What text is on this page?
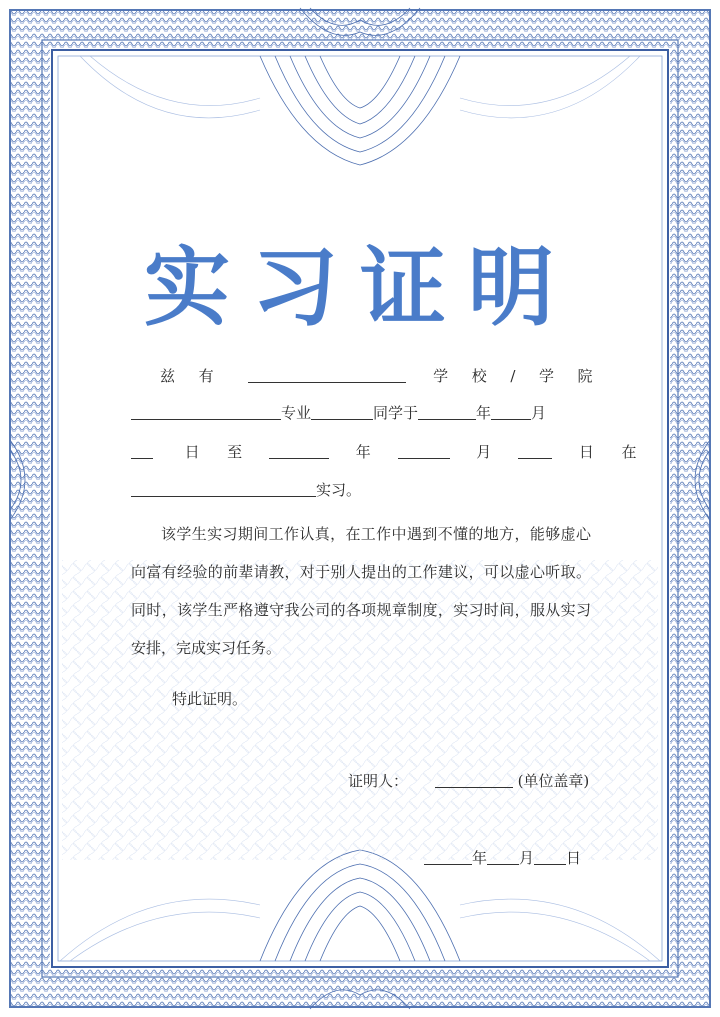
实习证明
兹 有	学 校 / 学 院
专业	同学于	年	月
日 至	年	月	日 在
实习。

该学生实习期间工作认真，在工作中遇到不懂的地方，能够虚心向富有经验的前辈请教，对于别人提出的工作建议，可以虚心听取。同时，该学生严格遵守我公司的各项规章制度，实习时间，服从实习安排，完成实习任务。

特此证明。
证明人：	(单位盖章)
年 月 日
